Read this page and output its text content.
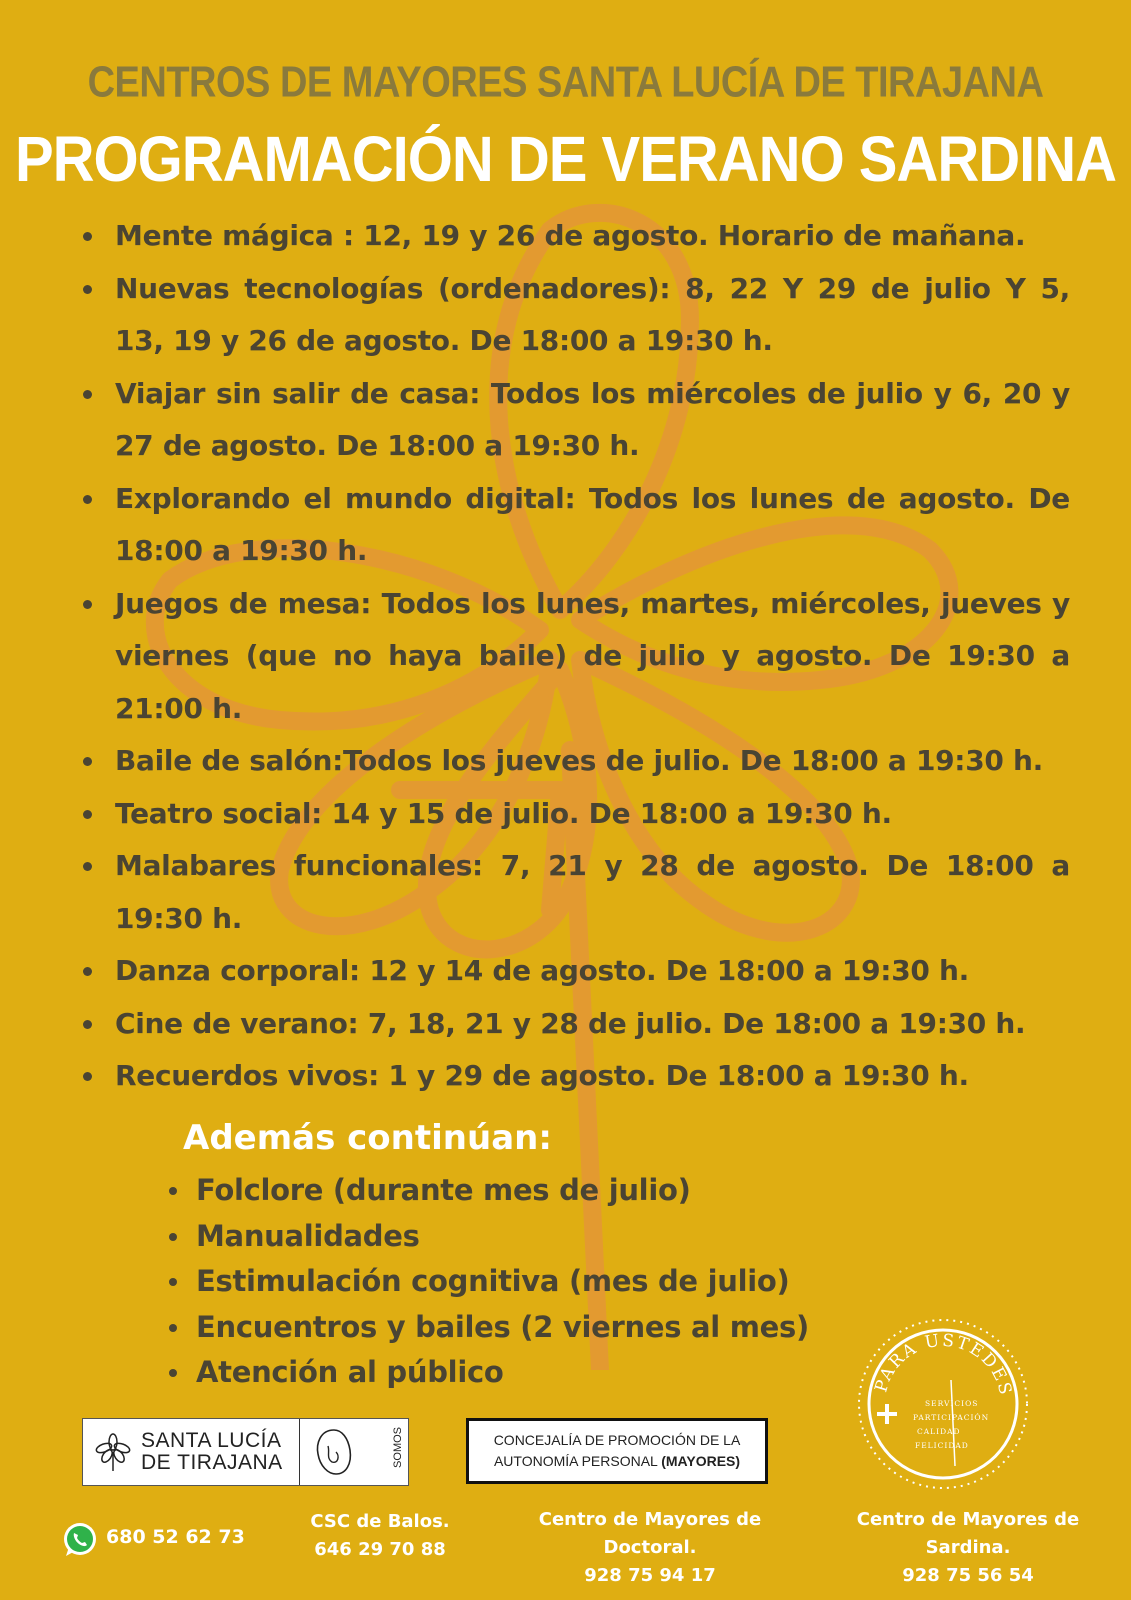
CENTROS DE MAYORES SANTA LUCÍA DE TIRAJANA
PROGRAMACIÓN DE VERANO SARDINA
Mente mágica : 12, 19 y 26 de agosto. Horario de mañana.
Nuevas tecnologías (ordenadores): 8, 22 Y 29 de julio Y 5, 13, 19 y 26 de agosto. De 18:00 a 19:30 h.
Viajar sin salir de casa: Todos los miércoles de julio y 6, 20 y 27 de agosto. De 18:00 a 19:30 h.
Explorando el mundo digital: Todos los lunes de agosto. De 18:00 a 19:30 h.
Juegos de mesa: Todos los lunes, martes, miércoles, jueves y viernes (que no haya baile) de julio y agosto. De 19:30 a 21:00 h.
Baile de salón:Todos los jueves de julio. De 18:00 a 19:30 h.
Teatro social: 14 y 15 de julio. De 18:00 a 19:30 h.
Malabares funcionales: 7, 21 y 28 de agosto. De 18:00 a 19:30 h.
Danza corporal: 12 y 14 de agosto. De 18:00 a 19:30 h.
Cine de verano: 7, 18, 21 y 28 de julio. De 18:00 a 19:30 h.
Recuerdos vivos: 1 y 29 de agosto. De 18:00 a 19:30 h.
Además continúan:
Folclore (durante mes de julio)
Manualidades
Estimulación cognitiva (mes de julio)
Encuentros y bailes (2 viernes al mes)
Atención al público
SANTA LUCÍA
DE TIRAJANA	SOMOS	CONCEJALÍA DE PROMOCIÓN DE LA
AUTONOMÍA PERSONAL (MAYORES)
PARA USTEDES
SERVICIOS
PARTICIPACIÓN
CALIDAD
FELICIDAD
680 52 62 73
CSC de Balos.
646 29 70 88
Centro de Mayores de
Doctoral.
928 75 94 17
Centro de Mayores de
Sardina.
928 75 56 54
